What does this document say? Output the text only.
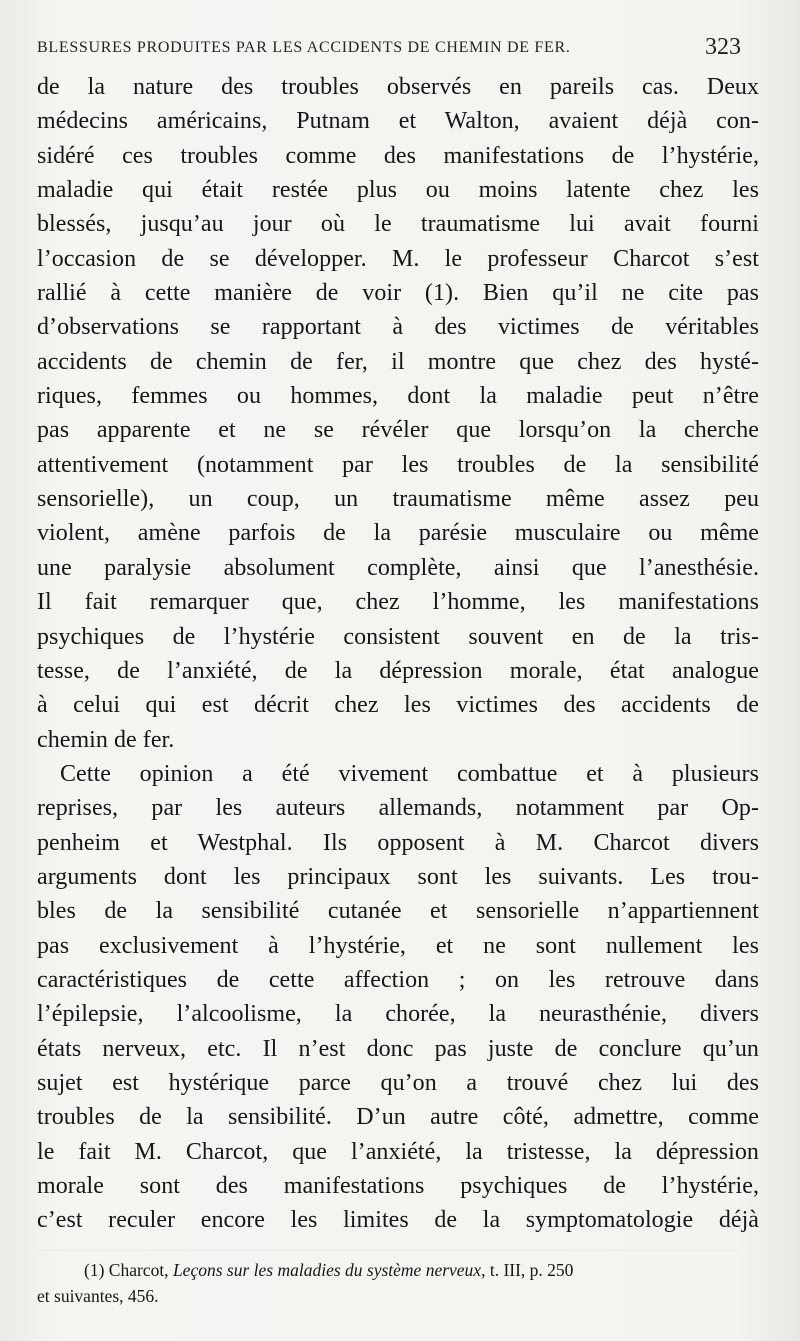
BLESSURES PRODUITES PAR LES ACCIDENTS DE CHEMIN DE FER.	323
de la nature des troubles observés en pareils cas. Deux
médecins américains, Putnam et Walton, avaient déjà con-
sidéré ces troubles comme des manifestations de l’hystérie,
maladie qui était restée plus ou moins latente chez les
blessés, jusqu’au jour où le traumatisme lui avait fourni
l’occasion de se développer. M. le professeur Charcot s’est
rallié à cette manière de voir (1). Bien qu’il ne cite pas
d’observations se rapportant à des victimes de véritables
accidents de chemin de fer, il montre que chez des hysté-
riques, femmes ou hommes, dont la maladie peut n’être
pas apparente et ne se révéler que lorsqu’on la cherche
attentivement (notamment par les troubles de la sensibilité
sensorielle), un coup, un traumatisme même assez peu
violent, amène parfois de la parésie musculaire ou même
une paralysie absolument complète, ainsi que l’anesthésie.
Il fait remarquer que, chez l’homme, les manifestations
psychiques de l’hystérie consistent souvent en de la tris-
tesse, de l’anxiété, de la dépression morale, état analogue
à celui qui est décrit chez les victimes des accidents de
chemin de fer.
Cette opinion a été vivement combattue et à plusieurs
reprises, par les auteurs allemands, notamment par Op-
penheim et Westphal. Ils opposent à M. Charcot divers
arguments dont les principaux sont les suivants. Les trou-
bles de la sensibilité cutanée et sensorielle n’appartiennent
pas exclusivement à l’hystérie, et ne sont nullement les
caractéristiques de cette affection ; on les retrouve dans
l’épilepsie, l’alcoolisme, la chorée, la neurasthénie, divers
états nerveux, etc. Il n’est donc pas juste de conclure qu’un
sujet est hystérique parce qu’on a trouvé chez lui des
troubles de la sensibilité. D’un autre côté, admettre, comme
le fait M. Charcot, que l’anxiété, la tristesse, la dépression
morale sont des manifestations psychiques de l’hystérie,
c’est reculer encore les limites de la symptomatologie déjà
(1) Charcot, Leçons sur les maladies du système nerveux, t. III, p. 250
et suivantes, 456.
